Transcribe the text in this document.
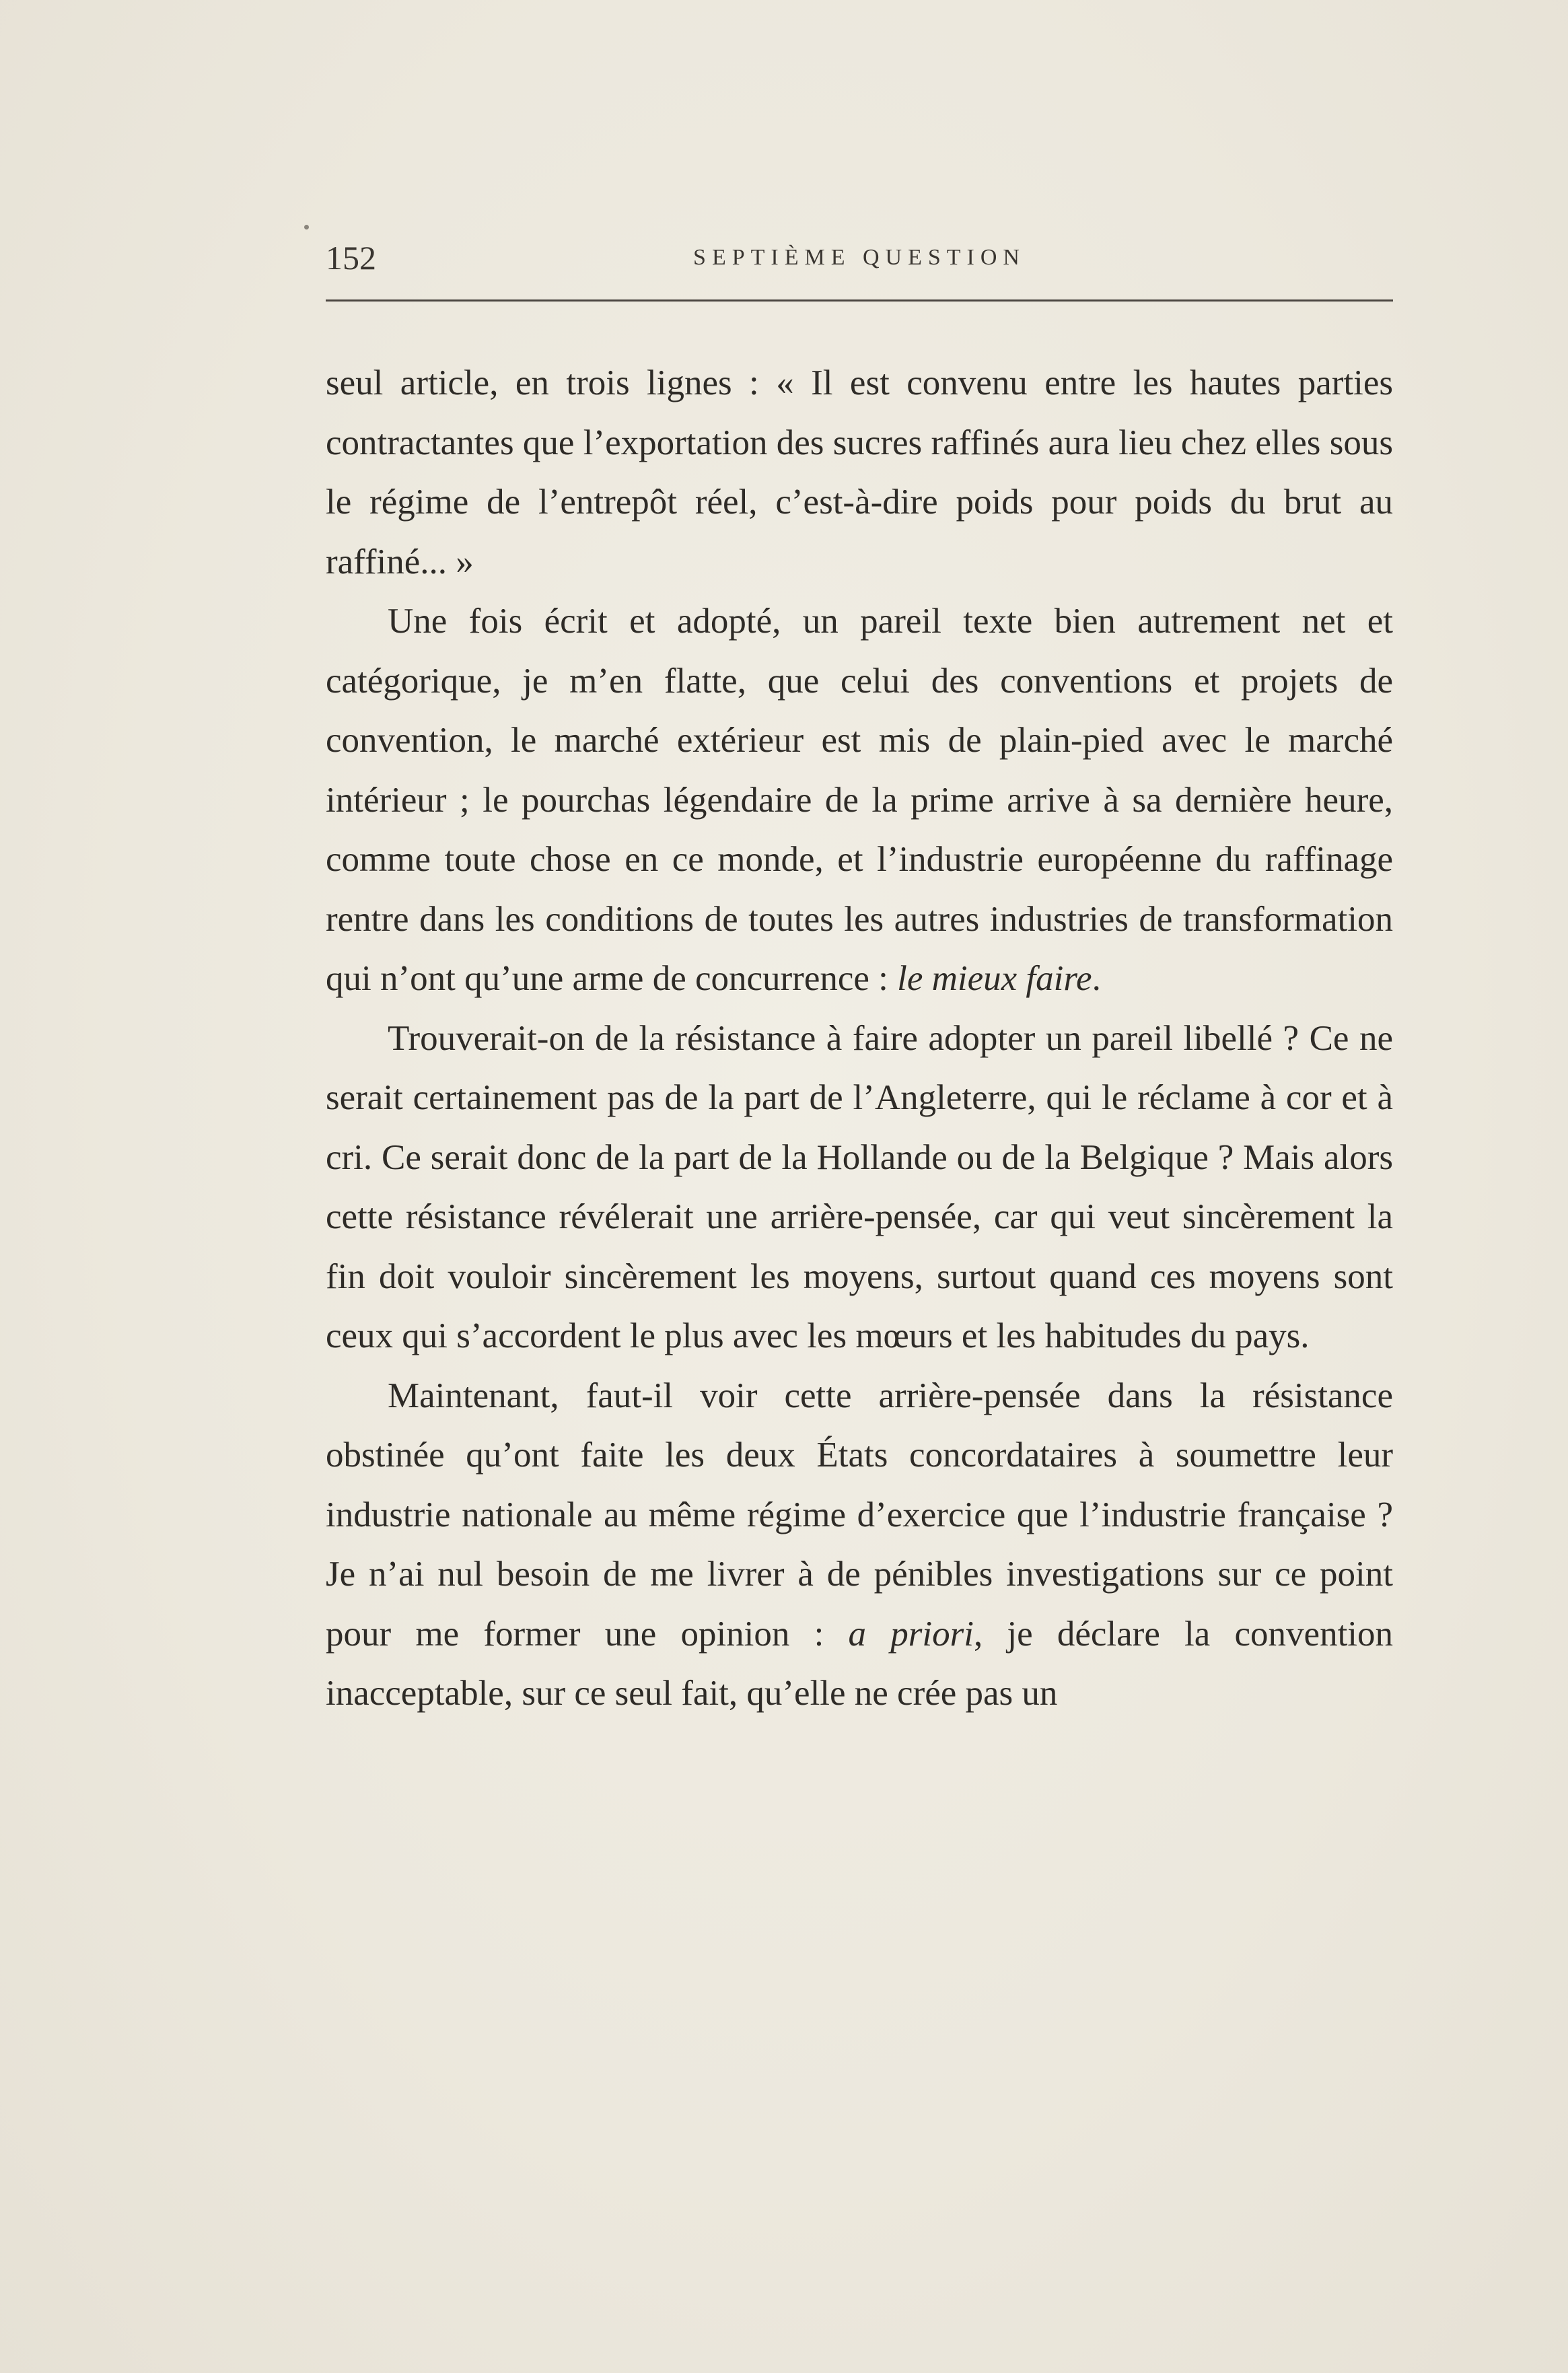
152	SEPTIÈME QUESTION

seul article, en trois lignes : « Il est convenu entre les hautes parties contractantes que l’exportation des sucres raffinés aura lieu chez elles sous le régime de l’entrepôt réel, c’est-à-dire poids pour poids du brut au raffiné... »

Une fois écrit et adopté, un pareil texte bien autrement net et catégorique, je m’en flatte, que celui des conventions et projets de convention, le marché extérieur est mis de plain-pied avec le marché intérieur ; le pourchas légendaire de la prime arrive à sa dernière heure, comme toute chose en ce monde, et l’industrie européenne du raffinage rentre dans les conditions de toutes les autres industries de transformation qui n’ont qu’une arme de concurrence : le mieux faire.

Trouverait-on de la résistance à faire adopter un pareil libellé ? Ce ne serait certainement pas de la part de l’Angleterre, qui le réclame à cor et à cri. Ce serait donc de la part de la Hollande ou de la Belgique ? Mais alors cette résistance révélerait une arrière-pensée, car qui veut sincèrement la fin doit vouloir sincèrement les moyens, surtout quand ces moyens sont ceux qui s’accordent le plus avec les mœurs et les habitudes du pays.

Maintenant, faut-il voir cette arrière-pensée dans la résistance obstinée qu’ont faite les deux États concordataires à soumettre leur industrie nationale au même régime d’exercice que l’industrie française ? Je n’ai nul besoin de me livrer à de pénibles investigations sur ce point pour me former une opinion : a priori, je déclare la convention inacceptable, sur ce seul fait, qu’elle ne crée pas un
